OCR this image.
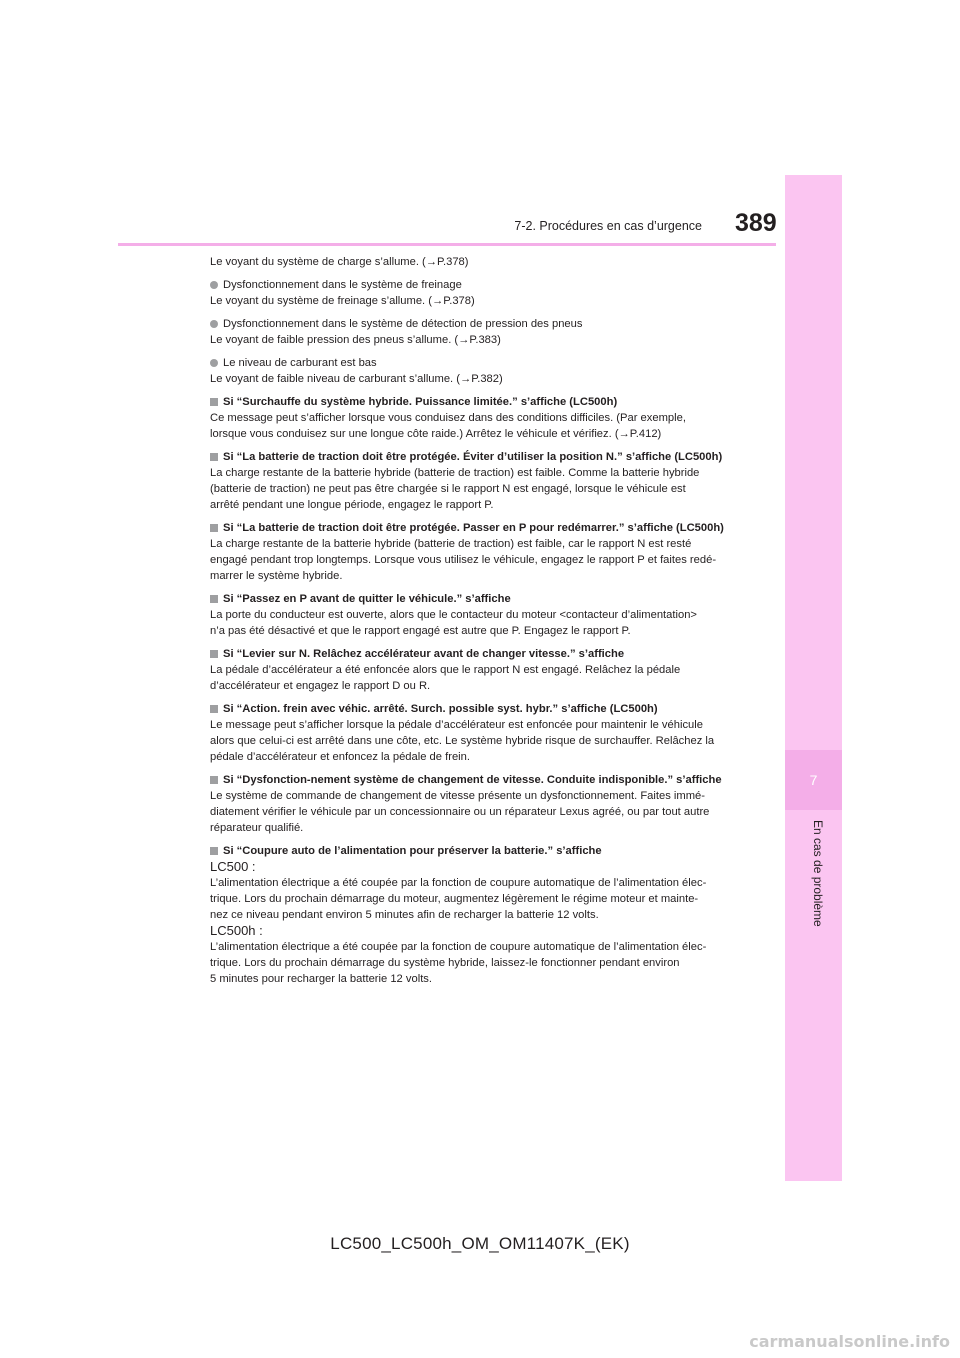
7-2. Procédures en cas d’urgence 389
7
En cas de problème

Le voyant du système de charge s’allume. (→P.378)

Dysfonctionnement dans le système de freinage

Le voyant du système de freinage s’allume. (→P.378)

Dysfonctionnement dans le système de détection de pression des pneus

Le voyant de faible pression des pneus s’allume. (→P.383)

Le niveau de carburant est bas

Le voyant de faible niveau de carburant s’allume. (→P.382)

Si “Surchauffe du système hybride. Puissance limitée.” s’affiche (LC500h)

Ce message peut s’afficher lorsque vous conduisez dans des conditions difficiles. (Par exemple,

lorsque vous conduisez sur une longue côte raide.) Arrêtez le véhicule et vérifiez. (→P.412)

Si “La batterie de traction doit être protégée. Éviter d’utiliser la position N.” s’affiche (LC500h)

La charge restante de la batterie hybride (batterie de traction) est faible. Comme la batterie hybride

(batterie de traction) ne peut pas être chargée si le rapport N est engagé, lorsque le véhicule est

arrêté pendant une longue période, engagez le rapport P.

Si “La batterie de traction doit être protégée. Passer en P pour redémarrer.” s’affiche (LC500h)

La charge restante de la batterie hybride (batterie de traction) est faible, car le rapport N est resté

engagé pendant trop longtemps. Lorsque vous utilisez le véhicule, engagez le rapport P et faites redé-

marrer le système hybride.

Si “Passez en P avant de quitter le véhicule.” s’affiche

La porte du conducteur est ouverte, alors que le contacteur du moteur <contacteur d’alimentation>

n’a pas été désactivé et que le rapport engagé est autre que P. Engagez le rapport P.

Si “Levier sur N. Relâchez accélérateur avant de changer vitesse.” s’affiche

La pédale d’accélérateur a été enfoncée alors que le rapport N est engagé. Relâchez la pédale

d’accélérateur et engagez le rapport D ou R.

Si “Action. frein avec véhic. arrêté. Surch. possible syst. hybr.” s’affiche (LC500h)

Le message peut s’afficher lorsque la pédale d’accélérateur est enfoncée pour maintenir le véhicule

alors que celui-ci est arrêté dans une côte, etc. Le système hybride risque de surchauffer. Relâchez la

pédale d’accélérateur et enfoncez la pédale de frein.

Si “Dysfonction-nement système de changement de vitesse. Conduite indisponible.” s’affiche

Le système de commande de changement de vitesse présente un dysfonctionnement. Faites immé-

diatement vérifier le véhicule par un concessionnaire ou un réparateur Lexus agréé, ou par tout autre

réparateur qualifié.

Si “Coupure auto de l’alimentation pour préserver la batterie.” s’affiche

LC500 :

L’alimentation électrique a été coupée par la fonction de coupure automatique de l’alimentation élec-

trique. Lors du prochain démarrage du moteur, augmentez légèrement le régime moteur et mainte-

nez ce niveau pendant environ 5 minutes afin de recharger la batterie 12 volts.

LC500h :

L’alimentation électrique a été coupée par la fonction de coupure automatique de l’alimentation élec-

trique. Lors du prochain démarrage du système hybride, laissez-le fonctionner pendant environ

5 minutes pour recharger la batterie 12 volts.

LC500_LC500h_OM_OM11407K_(EK)
carmanualsonline.info
